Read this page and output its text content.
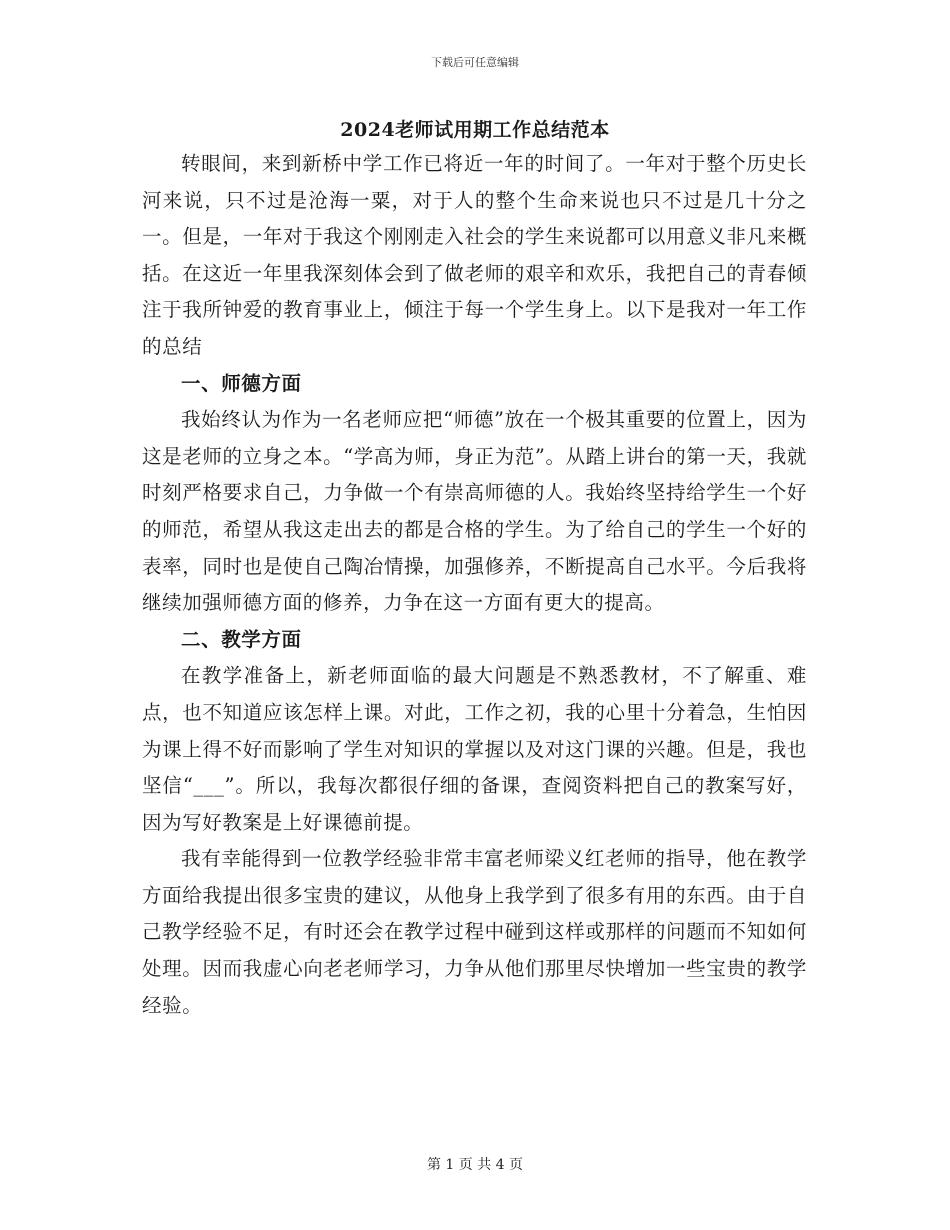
下载后可任意编辑
2024老师试用期工作总结范本

转眼间，来到新桥中学工作已将近一年的时间了。一年对于整个历史长河来说，只不过是沧海一粟，对于人的整个生命来说也只不过是几十分之一。但是，一年对于我这个刚刚走入社会的学生来说都可以用意义非凡来概括。在这近一年里我深刻体会到了做老师的艰辛和欢乐，我把自己的青春倾注于我所钟爱的教育事业上，倾注于每一个学生身上。以下是我对一年工作的总结

一、师德方面

我始终认为作为一名老师应把“师德”放在一个极其重要的位置上，因为这是老师的立身之本。“学高为师，身正为范”。从踏上讲台的第一天，我就时刻严格要求自己，力争做一个有崇高师德的人。我始终坚持给学生一个好的师范，希望从我这走出去的都是合格的学生。为了给自己的学生一个好的表率，同时也是使自己陶冶情操，加强修养，不断提高自己水平。今后我将继续加强师德方面的修养，力争在这一方面有更大的提高。

二、教学方面

在教学准备上，新老师面临的最大问题是不熟悉教材，不了解重、难点，也不知道应该怎样上课。对此，工作之初，我的心里十分着急，生怕因为课上得不好而影响了学生对知识的掌握以及对这门课的兴趣。但是，我也坚信“___”。所以，我每次都很仔细的备课，查阅资料把自己的教案写好，因为写好教案是上好课德前提。

我有幸能得到一位教学经验非常丰富老师梁义红老师的指导，他在教学方面给我提出很多宝贵的建议，从他身上我学到了很多有用的东西。由于自己教学经验不足，有时还会在教学过程中碰到这样或那样的问题而不知如何处理。因而我虚心向老老师学习，力争从他们那里尽快增加一些宝贵的教学经验。

第 1 页 共 4 页
